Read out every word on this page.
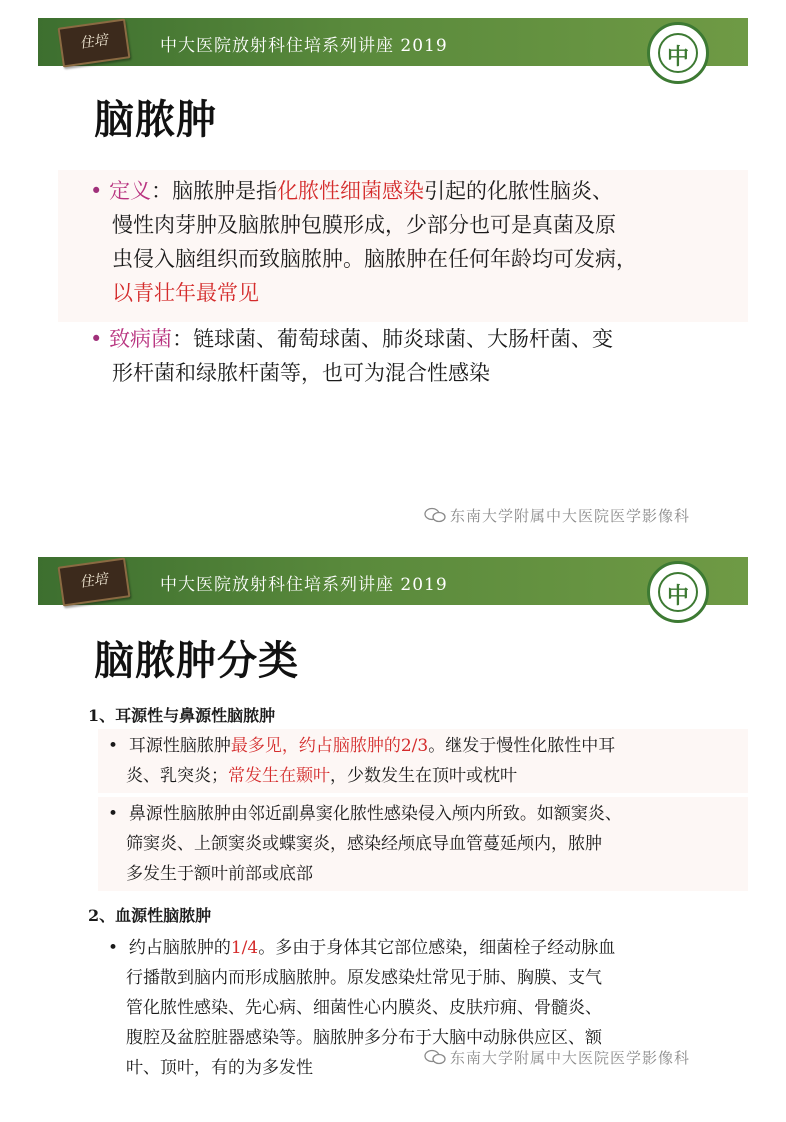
住培	中大医院放射科住培系列讲座 2019	中
脑脓肿
• 定义：脑脓肿是指化脓性细菌感染引起的化脓性脑炎、
慢性肉芽肿及脑脓肿包膜形成，少部分也可是真菌及原
虫侵入脑组织而致脑脓肿。脑脓肿在任何年龄均可发病，
以青壮年最常见
• 致病菌：链球菌、葡萄球菌、肺炎球菌、大肠杆菌、变
形杆菌和绿脓杆菌等，也可为混合性感染
东南大学附属中大医院医学影像科
住培	中大医院放射科住培系列讲座 2019	中
脑脓肿分类
1、耳源性与鼻源性脑脓肿
•  耳源性脑脓肿最多见，约占脑脓肿的2/3。继发于慢性化脓性中耳
炎、乳突炎；常发生在颞叶，少数发生在顶叶或枕叶
•  鼻源性脑脓肿由邻近副鼻窦化脓性感染侵入颅内所致。如额窦炎、
筛窦炎、上颌窦炎或蝶窦炎，感染经颅底导血管蔓延颅内，脓肿
多发生于额叶前部或底部
2、血源性脑脓肿
•  约占脑脓肿的1/4。多由于身体其它部位感染，细菌栓子经动脉血
行播散到脑内而形成脑脓肿。原发感染灶常见于肺、胸膜、支气
管化脓性感染、先心病、细菌性心内膜炎、皮肤疖痈、骨髓炎、
腹腔及盆腔脏器感染等。脑脓肿多分布于大脑中动脉供应区、额
叶、顶叶，有的为多发性	东南大学附属中大医院医学影像科
